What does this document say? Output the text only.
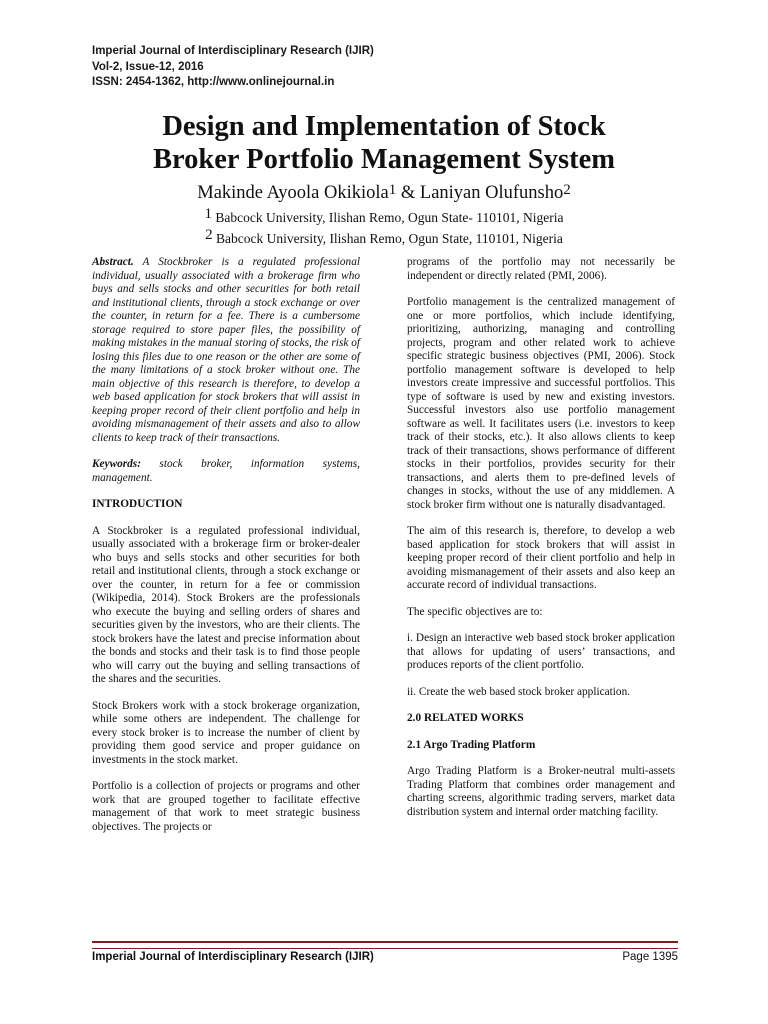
Imperial Journal of Interdisciplinary Research (IJIR)
Vol-2, Issue-12, 2016
ISSN: 2454-1362, http://www.onlinejournal.in
Design and Implementation of Stock
Broker Portfolio Management System
Makinde Ayoola Okikiola$^1$ & Laniyan Olufunsho$^2$
$^1$ Babcock University, Ilishan Remo, Ogun State- 110101, Nigeria
$^2$ Babcock University, Ilishan Remo, Ogun State, 110101, Nigeria

Abstract. A Stockbroker is a regulated professional individual, usually associated with a brokerage firm who buys and sells stocks and other securities for both retail and institutional clients, through a stock exchange or over the counter, in return for a fee. There is a cumbersome storage required to store paper files, the possibility of making mistakes in the manual storing of stocks, the risk of losing this files due to one reason or the other are some of the many limitations of a stock broker without one. The main objective of this research is therefore, to develop a web based application for stock brokers that will assist in keeping proper record of their client portfolio and help in avoiding mismanagement of their assets and also to allow clients to keep track of their transactions.

Keywords: stock broker, information systems, management.

INTRODUCTION

A Stockbroker is a regulated professional individual, usually associated with a brokerage firm or broker-dealer who buys and sells stocks and other securities for both retail and institutional clients, through a stock exchange or over the counter, in return for a fee or commission (Wikipedia, 2014). Stock Brokers are the professionals who execute the buying and selling orders of shares and securities given by the investors, who are their clients. The stock brokers have the latest and precise information about the bonds and stocks and their task is to find those people who will carry out the buying and selling transactions of the shares and the securities.

Stock Brokers work with a stock brokerage organization, while some others are independent. The challenge for every stock broker is to increase the number of client by providing them good service and proper guidance on investments in the stock market.

Portfolio is a collection of projects or programs and other work that are grouped together to facilitate effective management of that work to meet strategic business objectives. The projects or

programs of the portfolio may not necessarily be independent or directly related (PMI, 2006).

Portfolio management is the centralized management of one or more portfolios, which include identifying, prioritizing, authorizing, managing and controlling projects, program and other related work to achieve specific strategic business objectives (PMI, 2006). Stock portfolio management software is developed to help investors create impressive and successful portfolios. This type of software is used by new and existing investors. Successful investors also use portfolio management software as well. It facilitates users (i.e. investors to keep track of their stocks, etc.). It also allows clients to keep track of their transactions, shows performance of different stocks in their portfolios, provides security for their transactions, and alerts them to pre-defined levels of changes in stocks, without the use of any middlemen. A stock broker firm without one is naturally disadvantaged.

The aim of this research is, therefore, to develop a web based application for stock brokers that will assist in keeping proper record of their client portfolio and help in avoiding mismanagement of their assets and also keep an accurate record of individual transactions.

The specific objectives are to:

i. Design an interactive web based stock broker application that allows for updating of users’ transactions, and produces reports of the client portfolio.

ii. Create the web based stock broker application.

2.0 RELATED WORKS

2.1 Argo Trading Platform

Argo Trading Platform is a Broker-neutral multi-assets Trading Platform that combines order management and charting screens, algorithmic trading servers, market data distribution system and internal order matching facility.

Imperial Journal of Interdisciplinary Research (IJIR)	Page 1395
